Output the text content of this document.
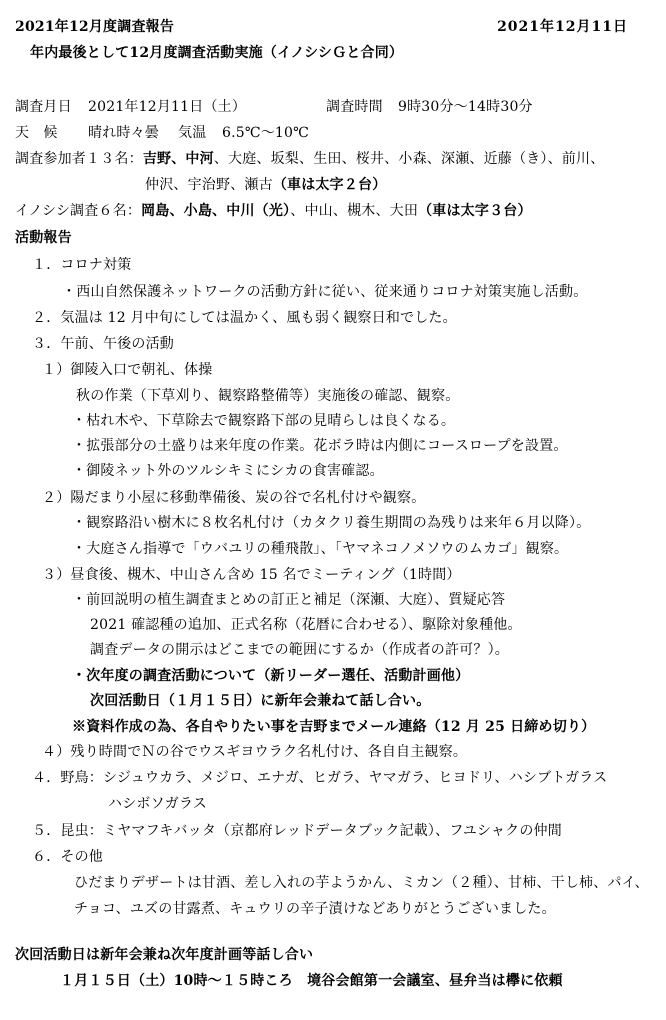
2021年12月度調査報告	2021年12月11日
年内最後として12月度調査活動実施（イノシシＧと合同）
調査月日 2021年12月11日（土）	調査時間 9時30分〜14時30分
天　候 晴れ時々曇 気温 6.5℃〜10℃
調査参加者１３名：吉野、中河、大庭、坂梨、生田、桜井、小森、深瀬、近藤（き）、前川、
仲沢、宇治野、瀬古（車は太字２台）
イノシシ調査６名：岡島、小島、中川（光）、中山、槻木、大田（車は太字３台）
活動報告
１．コロナ対策
・西山自然保護ネットワークの活動方針に従い、従来通りコロナ対策実施し活動。
２．気温は 12 月中旬にしては温かく、風も弱く観察日和でした。
３．午前、午後の活動
１）御陵入口で朝礼、体操
秋の作業（下草刈り、観察路整備等）実施後の確認、観察。
・枯れ木や、下草除去で観察路下部の見晴らしは良くなる。
・拡張部分の土盛りは来年度の作業。花ボラ時は内側にコースロープを設置。
・御陵ネット外のツルシキミにシカの食害確認。
２）陽だまり小屋に移動準備後、炭の谷で名札付けや観察。
・観察路沿い樹木に８枚名札付け（カタクリ養生期間の為残りは来年６月以降）。
・大庭さん指導で「ウバユリの種飛散」、「ヤマネコノメソウのムカゴ」観察。
３）昼食後、槻木、中山さん含め 15 名でミーティング（1時間）
・前回説明の植生調査まとめの訂正と補足（深瀬、大庭）、質疑応答
2021 確認種の追加、正式名称（花暦に合わせる）、駆除対象種他。
調査データの開示はどこまでの範囲にするか（作成者の許可？）。
・次年度の調査活動について（新リーダー選任、活動計画他）
次回活動日（１月１５日）に新年会兼ねて話し合い。
※資料作成の為、各自やりたい事を吉野までメール連絡（12 月 25 日締め切り）
４）残り時間でＮの谷でウスギヨウラク名札付け、各自自主観察。
４．野鳥：シジュウカラ、メジロ、エナガ、ヒガラ、ヤマガラ、ヒヨドリ、ハシブトガラス
ハシボソガラス
５．昆虫：ミヤマフキバッタ（京都府レッドデータブック記載）、フユシャクの仲間
６．その他
ひだまりデザートは甘酒、差し入れの芋ようかん、ミカン（２種）、甘柿、干し柿、パイ、
チョコ、ユズの甘露煮、キュウリの辛子漬けなどありがとうございました。
次回活動日は新年会兼ね次年度計画等話し合い
１月１５日（土）10時〜１５時ころ　境谷会館第一会議室、昼弁当は欅に依頼
